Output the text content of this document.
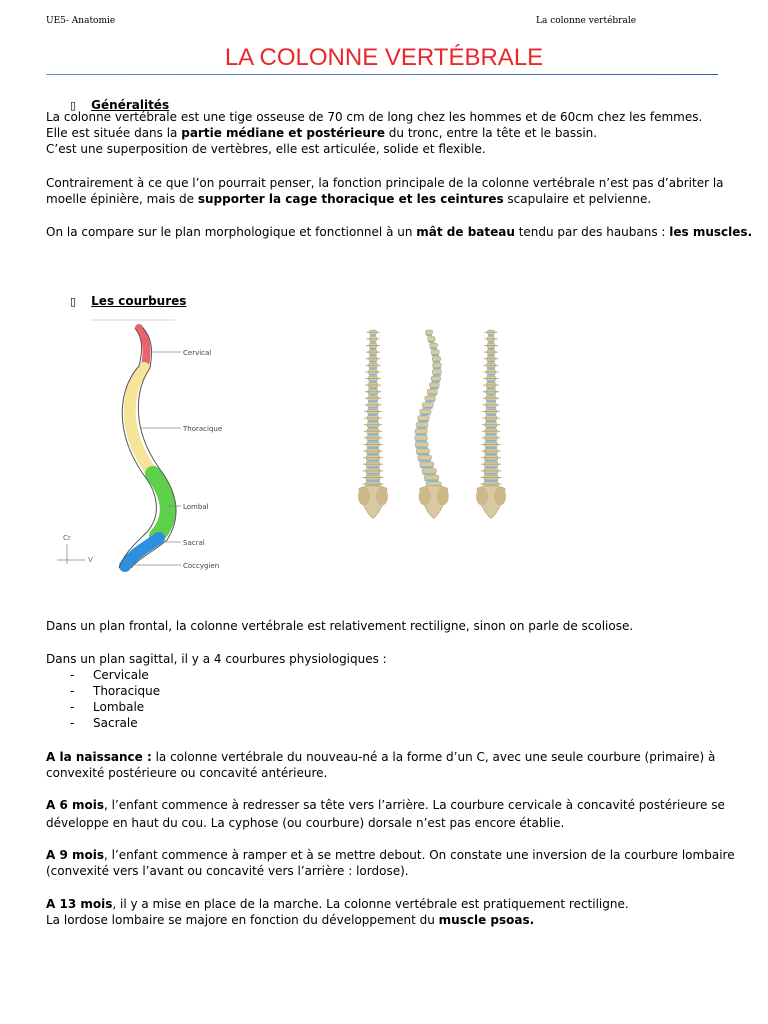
UE5- Anatomie	La colonne vertébrale
LA COLONNE VERTÉBRALE
▯ Généralités
La colonne vertébrale est une tige osseuse de 70 cm de long chez les hommes et de 60cm chez les femmes.
Elle est située dans la partie médiane et postérieure du tronc, entre la tête et le bassin.
C’est une superposition de vertèbres, elle est articulée, solide et flexible.
Contrairement à ce que l’on pourrait penser, la fonction principale de la colonne vertébrale n’est pas d’abriter la
moelle épinière, mais de supporter la cage thoracique et les ceintures scapulaire et pelvienne.
On la compare sur le plan morphologique et fonctionnel à un mât de bateau tendu par des haubans : les muscles.
▯ Les courbures
Cervical
Thoracique
Lombal
Sacral
Coccygien
Cr
V
Dans un plan frontal, la colonne vertébrale est relativement rectiligne, sinon on parle de scoliose.
Dans un plan sagittal, il y a 4 courbures physiologiques :
- Cervicale
- Thoracique
- Lombale
- Sacrale
A la naissance : la colonne vertébrale du nouveau-né a la forme d’un C, avec une seule courbure (primaire) à
convexité postérieure ou concavité antérieure.
A 6 mois, l’enfant commence à redresser sa tête vers l’arrière. La courbure cervicale à concavité postérieure se
développe en haut du cou. La cyphose (ou courbure) dorsale n’est pas encore établie.
A 9 mois, l’enfant commence à ramper et à se mettre debout. On constate une inversion de la courbure lombaire
(convexité vers l’avant ou concavité vers l’arrière : lordose).
A 13 mois, il y a mise en place de la marche. La colonne vertébrale est pratiquement rectiligne.
La lordose lombaire se majore en fonction du développement du muscle psoas.
